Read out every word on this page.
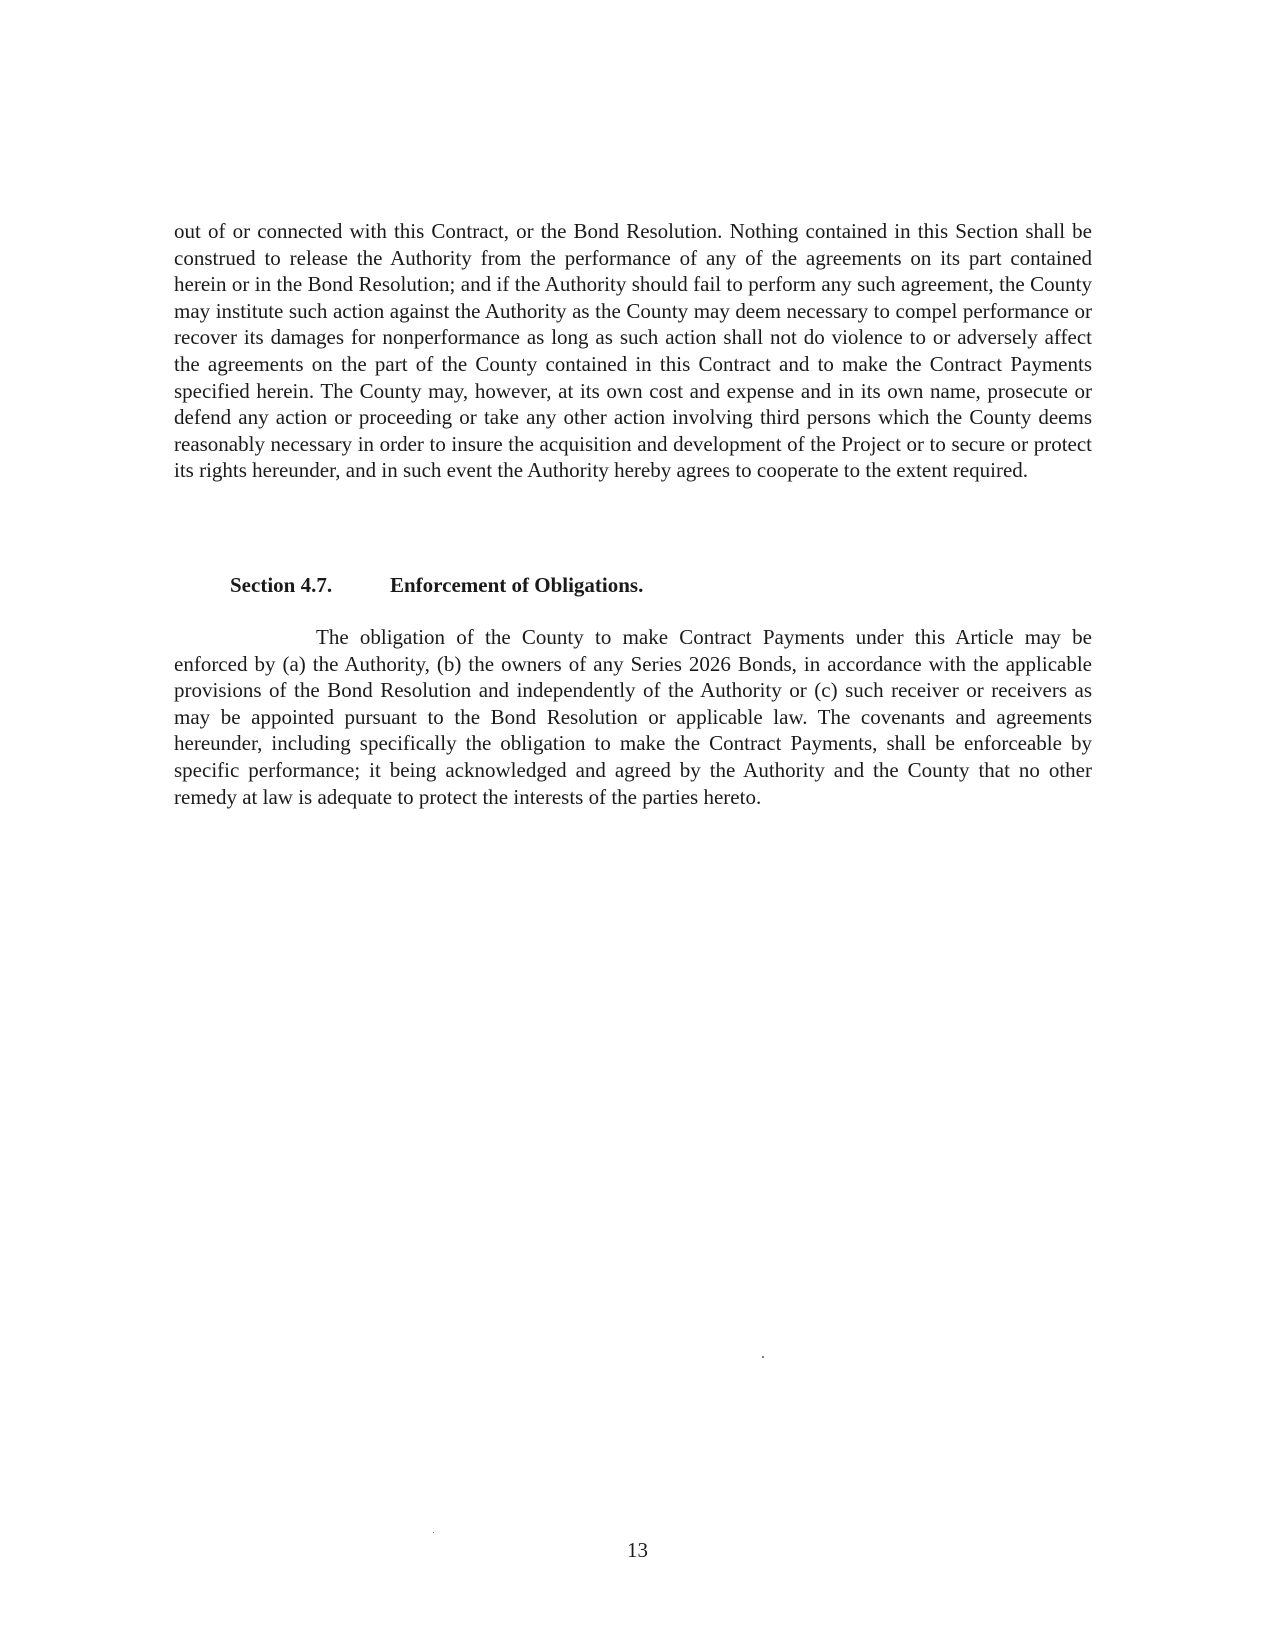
out of or connected with this Contract, or the Bond Resolution. Nothing contained in this Section shall be construed to release the Authority from the performance of any of the agreements on its part contained herein or in the Bond Resolution; and if the Authority should fail to perform any such agreement, the County may institute such action against the Authority as the County may deem necessary to compel performance or recover its damages for nonperformance as long as such action shall not do violence to or adversely affect the agreements on the part of the County contained in this Contract and to make the Contract Payments specified herein. The County may, however, at its own cost and expense and in its own name, prosecute or defend any action or proceeding or take any other action involving third persons which the County deems reasonably necessary in order to insure the acquisition and development of the Project or to secure or protect its rights hereunder, and in such event the Authority hereby agrees to cooperate to the extent required.

Section 4.7.	Enforcement of Obligations.

The obligation of the County to make Contract Payments under this Article may be enforced by (a) the Authority, (b) the owners of any Series 2026 Bonds, in accordance with the applicable provisions of the Bond Resolution and independently of the Authority or (c) such receiver or receivers as may be appointed pursuant to the Bond Resolution or applicable law. The covenants and agreements hereunder, including specifically the obligation to make the Contract Payments, shall be enforceable by specific performance; it being acknowledged and agreed by the Authority and the County that no other remedy at law is adequate to protect the interests of the parties hereto.

13
